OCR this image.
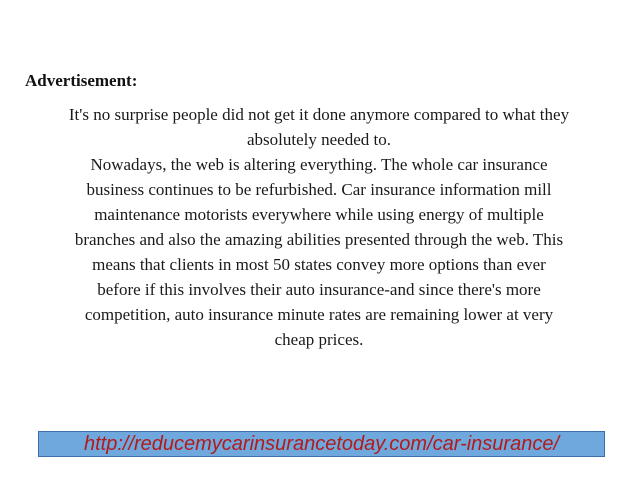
Advertisement:
It's no surprise people did not get it done anymore compared to what they
absolutely needed to.
Nowadays, the web is altering everything. The whole car insurance
business continues to be refurbished. Car insurance information mill
maintenance motorists everywhere while using energy of multiple
branches and also the amazing abilities presented through the web. This
means that clients in most 50 states convey more options than ever
before if this involves their auto insurance-and since there's more
competition, auto insurance minute rates are remaining lower at very
cheap prices.
http://reducemycarinsurancetoday.com/car-insurance/
